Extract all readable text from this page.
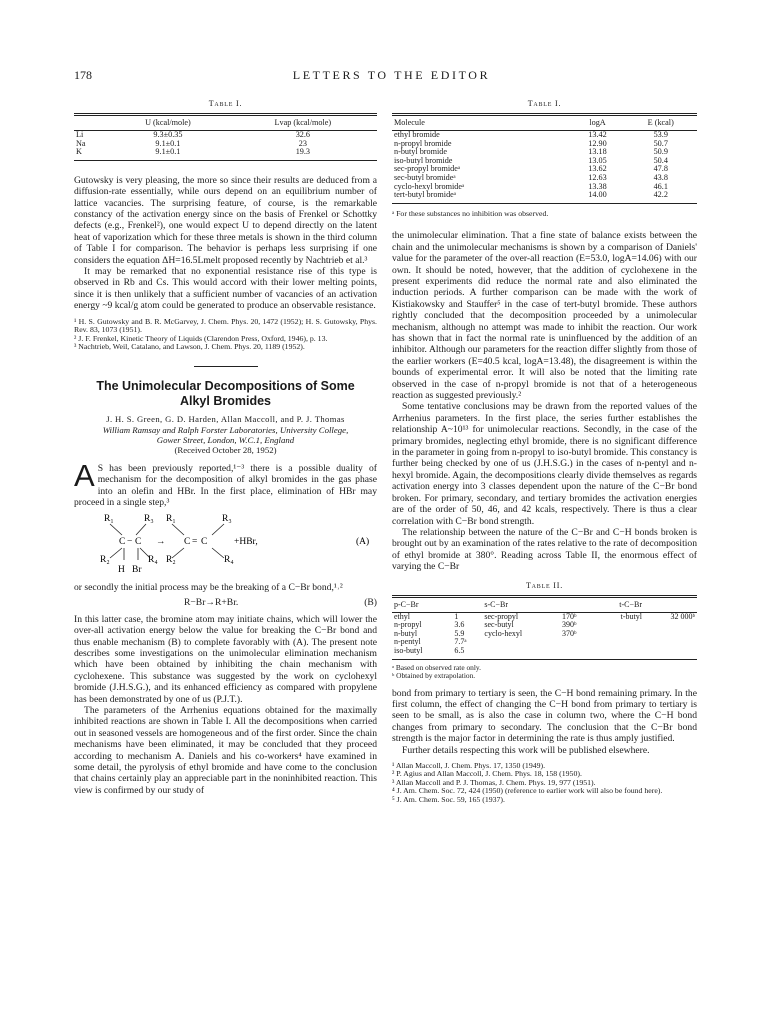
178	LETTERS TO THE EDITOR
Table I.
	U (kcal/mole)	Lvap (kcal/mole)
Li	9.3±0.35	32.6
Na	9.1±0.1	23
K	9.1±0.1	19.3

Gutowsky is very pleasing, the more so since their results are deduced from a diffusion-rate essentially, while ours depend on an equilibrium number of lattice vacancies. The surprising feature, of course, is the remarkable constancy of the activation energy since on the basis of Frenkel or Schottky defects (e.g., Frenkel²), one would expect U to depend directly on the latent heat of vaporization which for these three metals is shown in the third column of Table I for comparison. The behavior is perhaps less surprising if one considers the equation ΔH=16.5Lmelt proposed recently by Nachtrieb et al.³

It may be remarked that no exponential resistance rise of this type is observed in Rb and Cs. This would accord with their lower melting points, since it is then unlikely that a sufficient number of vacancies of an activation energy ~9 kcal/g atom could be generated to produce an observable resistance.

¹ H. S. Gutowsky and B. R. McGarvey, J. Chem. Phys. 20, 1472 (1952); H. S. Gutowsky, Phys. Rev. 83, 1073 (1951).
² J. F. Frenkel, Kinetic Theory of Liquids (Clarendon Press, Oxford, 1946), p. 13.
³ Nachtrieb, Weil, Catalano, and Lawson, J. Chem. Phys. 20, 1189 (1952).
The Unimolecular Decompositions of Some
Alkyl Bromides
J. H. S. Green, G. D. Harden, Allan Maccoll, and P. J. Thomas
William Ramsay and Ralph Forster Laboratories, University College,
Gower Street, London, W.C.1, England
(Received October 28, 1952)

A S has been previously reported,¹⁻³ there is a possible duality of mechanism for the decomposition of alkyl bromides in the gas phase into an olefin and HBr. In the first place, elimination of HBr may proceed in a single step,³

R₁	R₃ R₁	R₃
C − C → C = C	+HBr,	(A)
R₂	R₄ R₂	R₄
H Br

or secondly the initial process may be the breaking of a C−Br bond,¹˒²

R−Br→R+Br.	(B)

In this latter case, the bromine atom may initiate chains, which will lower the over-all activation energy below the value for breaking the C−Br bond and thus enable mechanism (B) to complete favorably with (A). The present note describes some investigations on the unimolecular elimination mechanism which have been obtained by inhibiting the chain mechanism with cyclohexene. This substance was suggested by the work on cyclohexyl bromide (J.H.S.G.), and its enhanced efficiency as compared with propylene has been demonstrated by one of us (P.J.T.).

The parameters of the Arrhenius equations obtained for the maximally inhibited reactions are shown in Table I. All the decompositions when carried out in seasoned vessels are homogeneous and of the first order. Since the chain mechanisms have been eliminated, it may be concluded that they proceed according to mechanism A. Daniels and his co-workers⁴ have examined in some detail, the pyrolysis of ethyl bromide and have come to the conclusion that chains certainly play an appreciable part in the noninhibited reaction. This view is confirmed by our study of

Table I.
Molecule	logA	E (kcal)
ethyl bromide	13.42	53.9
n-propyl bromide	12.90	50.7
n-butyl bromide	13.18	50.9
iso-butyl bromide	13.05	50.4
sec-propyl bromideᵃ	13.62	47.8
sec-butyl bromideᵃ	12.63	43.8
cyclo-hexyl bromideᵃ	13.38	46.1
tert-butyl bromideᵃ	14.00	42.2
ᵃ For these substances no inhibition was observed.

the unimolecular elimination. That a fine state of balance exists between the chain and the unimolecular mechanisms is shown by a comparison of Daniels' value for the parameter of the over-all reaction (E=53.0, logA=14.06) with our own. It should be noted, however, that the addition of cyclohexene in the present experiments did reduce the normal rate and also eliminated the induction periods. A further comparison can be made with the work of Kistiakowsky and Stauffer⁵ in the case of tert-butyl bromide. These authors rightly concluded that the decomposition proceeded by a unimolecular mechanism, although no attempt was made to inhibit the reaction. Our work has shown that in fact the normal rate is uninfluenced by the addition of an inhibitor. Although our parameters for the reaction differ slightly from those of the earlier workers (E=40.5 kcal, logA=13.48), the disagreement is within the bounds of experimental error. It will also be noted that the limiting rate observed in the case of n-propyl bromide is not that of a heterogeneous reaction as suggested previously.²

Some tentative conclusions may be drawn from the reported values of the Arrhenius parameters. In the first place, the series further establishes the relationship A~10¹³ for unimolecular reactions. Secondly, in the case of the primary bromides, neglecting ethyl bromide, there is no significant difference in the parameter in going from n-propyl to iso-butyl bromide. This constancy is further being checked by one of us (J.H.S.G.) in the cases of n-pentyl and n-hexyl bromide. Again, the decompositions clearly divide themselves as regards activation energy into 3 classes dependent upon the nature of the C−Br bond broken. For primary, secondary, and tertiary bromides the activation energies are of the order of 50, 46, and 42 kcals, respectively. There is thus a clear correlation with C−Br bond strength.

The relationship between the nature of the C−Br and C−H bonds broken is brought out by an examination of the rates relative to the rate of decomposition of ethyl bromide at 380°. Reading across Table II, the enormous effect of varying the C−Br

Table II.
p-C−Br		s-C−Br		t-C−Br	
ethyl	1	sec-propyl	170ᵇ	t-butyl	32 000ᵇ
n-propyl	3.6	sec-butyl	390ᵇ		
n-butyl	5.9	cyclo-hexyl	370ᵇ		
n-pentyl	7.7ᵃ				
iso-butyl	6.5				
ᵃ Based on observed rate only.
ᵇ Obtained by extrapolation.

bond from primary to tertiary is seen, the C−H bond remaining primary. In the first column, the effect of changing the C−H bond from primary to tertiary is seen to be small, as is also the case in column two, where the C−H bond changes from primary to secondary. The conclusion that the C−Br bond strength is the major factor in determining the rate is thus amply justified.

Further details respecting this work will be published elsewhere.

¹ Allan Maccoll, J. Chem. Phys. 17, 1350 (1949).
² P. Agius and Allan Maccoll, J. Chem. Phys. 18, 158 (1950).
³ Allan Maccoll and P. J. Thomas, J. Chem. Phys. 19, 977 (1951).
⁴ J. Am. Chem. Soc. 72, 424 (1950) (reference to earlier work will also be found here).
⁵ J. Am. Chem. Soc. 59, 165 (1937).
